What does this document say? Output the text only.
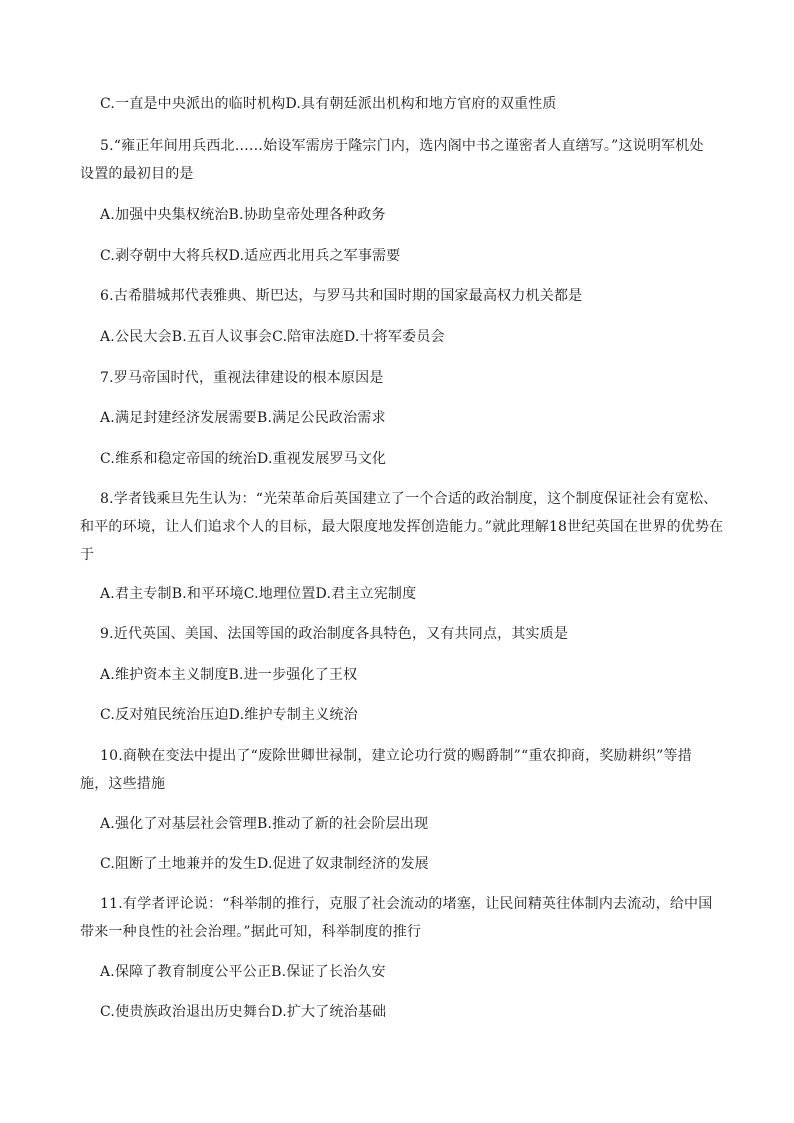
C.一直是中央派出的临时机构D.具有朝廷派出机构和地方官府的双重性质
5.“雍正年间用兵西北……始设军需房于隆宗门内，选内阁中书之谨密者人直缮写。”这说明军机处
设置的最初目的是
A.加强中央集权统治B.协助皇帝处理各种政务
C.剥夺朝中大将兵权D.适应西北用兵之军事需要
6.古希腊城邦代表雅典、斯巴达，与罗马共和国时期的国家最高权力机关都是
A.公民大会B.五百人议事会C.陪审法庭D.十将军委员会
7.罗马帝国时代，重视法律建设的根本原因是
A.满足封建经济发展需要B.满足公民政治需求
C.维系和稳定帝国的统治D.重视发展罗马文化
8.学者钱乘旦先生认为：“光荣革命后英国建立了一个合适的政治制度，这个制度保证社会有宽松、
和平的环境，让人们追求个人的目标，最大限度地发挥创造能力。”就此理解18世纪英国在世界的优势在
于
A.君主专制B.和平环境C.地理位置D.君主立宪制度
9.近代英国、美国、法国等国的政治制度各具特色，又有共同点，其实质是
A.维护资本主义制度B.进一步强化了王权
C.反对殖民统治压迫D.维护专制主义统治
10.商鞅在变法中提出了“废除世卿世禄制，建立论功行赏的赐爵制”“重农抑商，奖励耕织”等措
施，这些措施
A.强化了对基层社会管理B.推动了新的社会阶层出现
C.阻断了土地兼并的发生D.促进了奴隶制经济的发展
11.有学者评论说：“科举制的推行，克服了社会流动的堵塞，让民间精英往体制内去流动，给中国
带来一种良性的社会治理。”据此可知，科举制度的推行
A.保障了教育制度公平公正B.保证了长治久安
C.使贵族政治退出历史舞台D.扩大了统治基础
